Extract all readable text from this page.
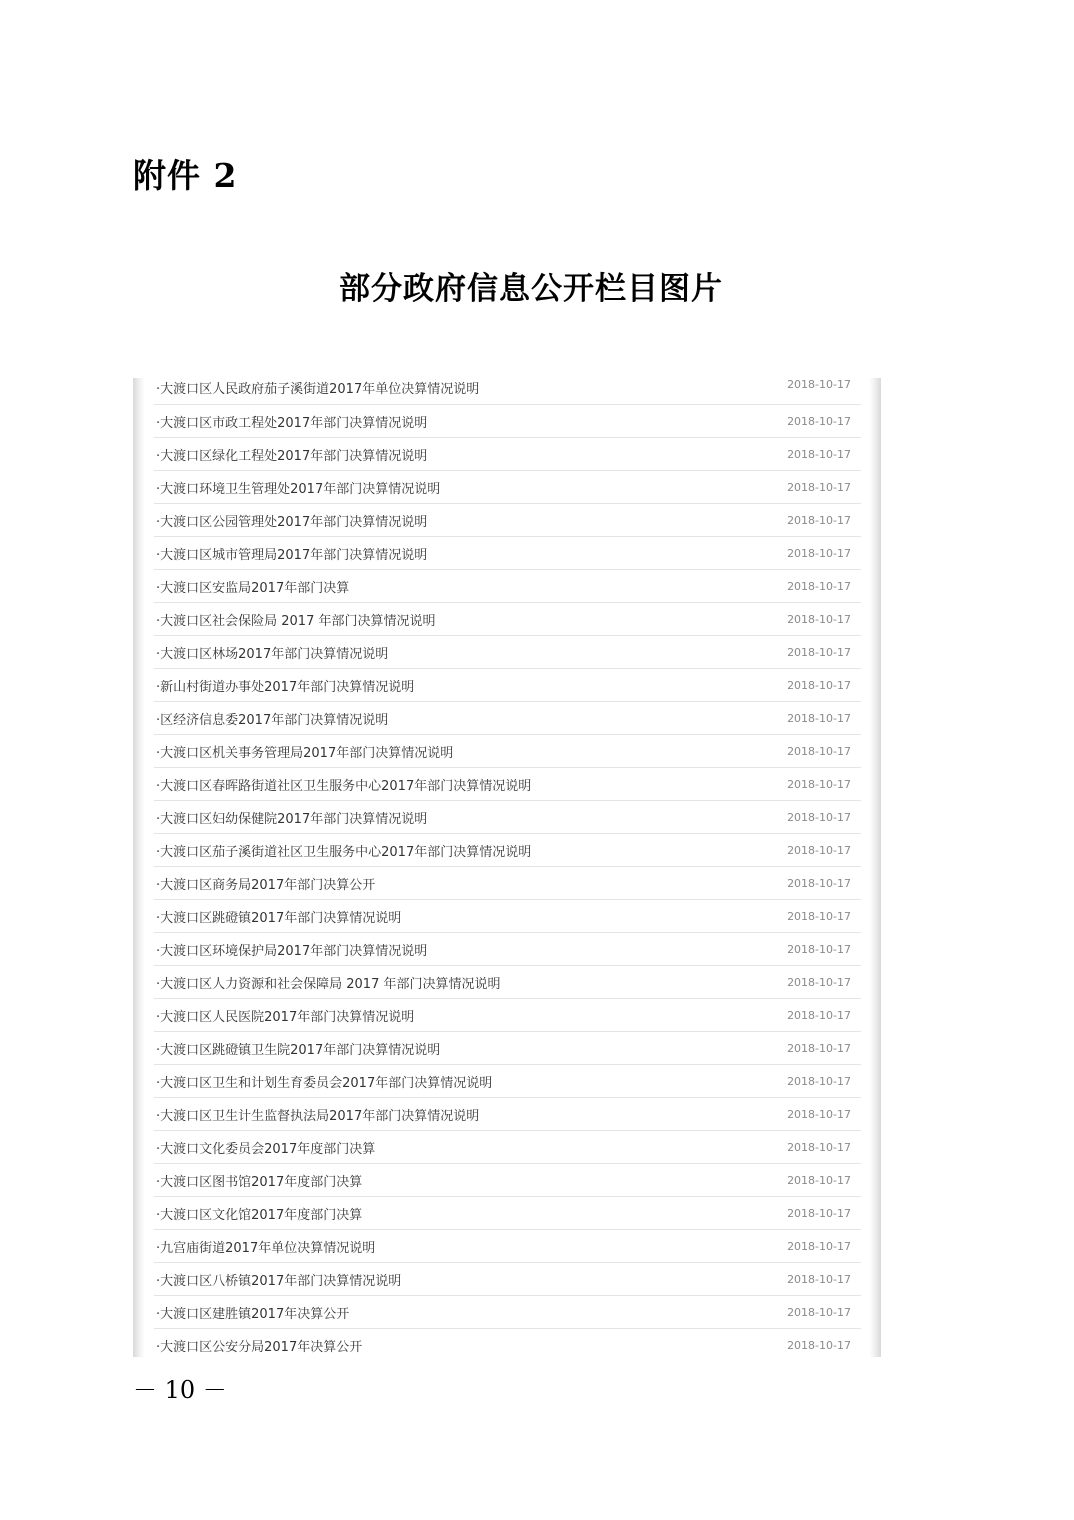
附件 2
部分政府信息公开栏目图片
·大渡口区人民政府茄子溪街道2017年单位决算情况说明	2018-10-17
·大渡口区市政工程处2017年部门决算情况说明	2018-10-17
·大渡口区绿化工程处2017年部门决算情况说明	2018-10-17
·大渡口环境卫生管理处2017年部门决算情况说明	2018-10-17
·大渡口区公园管理处2017年部门决算情况说明	2018-10-17
·大渡口区城市管理局2017年部门决算情况说明	2018-10-17
·大渡口区安监局2017年部门决算	2018-10-17
·大渡口区社会保险局 2017 年部门决算情况说明	2018-10-17
·大渡口区林场2017年部门决算情况说明	2018-10-17
·新山村街道办事处2017年部门决算情况说明	2018-10-17
·区经济信息委2017年部门决算情况说明	2018-10-17
·大渡口区机关事务管理局2017年部门决算情况说明	2018-10-17
·大渡口区春晖路街道社区卫生服务中心2017年部门决算情况说明	2018-10-17
·大渡口区妇幼保健院2017年部门决算情况说明	2018-10-17
·大渡口区茄子溪街道社区卫生服务中心2017年部门决算情况说明	2018-10-17
·大渡口区商务局2017年部门决算公开	2018-10-17
·大渡口区跳磴镇2017年部门决算情况说明	2018-10-17
·大渡口区环境保护局2017年部门决算情况说明	2018-10-17
·大渡口区人力资源和社会保障局 2017 年部门决算情况说明	2018-10-17
·大渡口区人民医院2017年部门决算情况说明	2018-10-17
·大渡口区跳磴镇卫生院2017年部门决算情况说明	2018-10-17
·大渡口区卫生和计划生育委员会2017年部门决算情况说明	2018-10-17
·大渡口区卫生计生监督执法局2017年部门决算情况说明	2018-10-17
·大渡口文化委员会2017年度部门决算	2018-10-17
·大渡口区图书馆2017年度部门决算	2018-10-17
·大渡口区文化馆2017年度部门决算	2018-10-17
·九宫庙街道2017年单位决算情况说明	2018-10-17
·大渡口区八桥镇2017年部门决算情况说明	2018-10-17
·大渡口区建胜镇2017年决算公开	2018-10-17
·大渡口区公安分局2017年决算公开	2018-10-17
－ 10 －
